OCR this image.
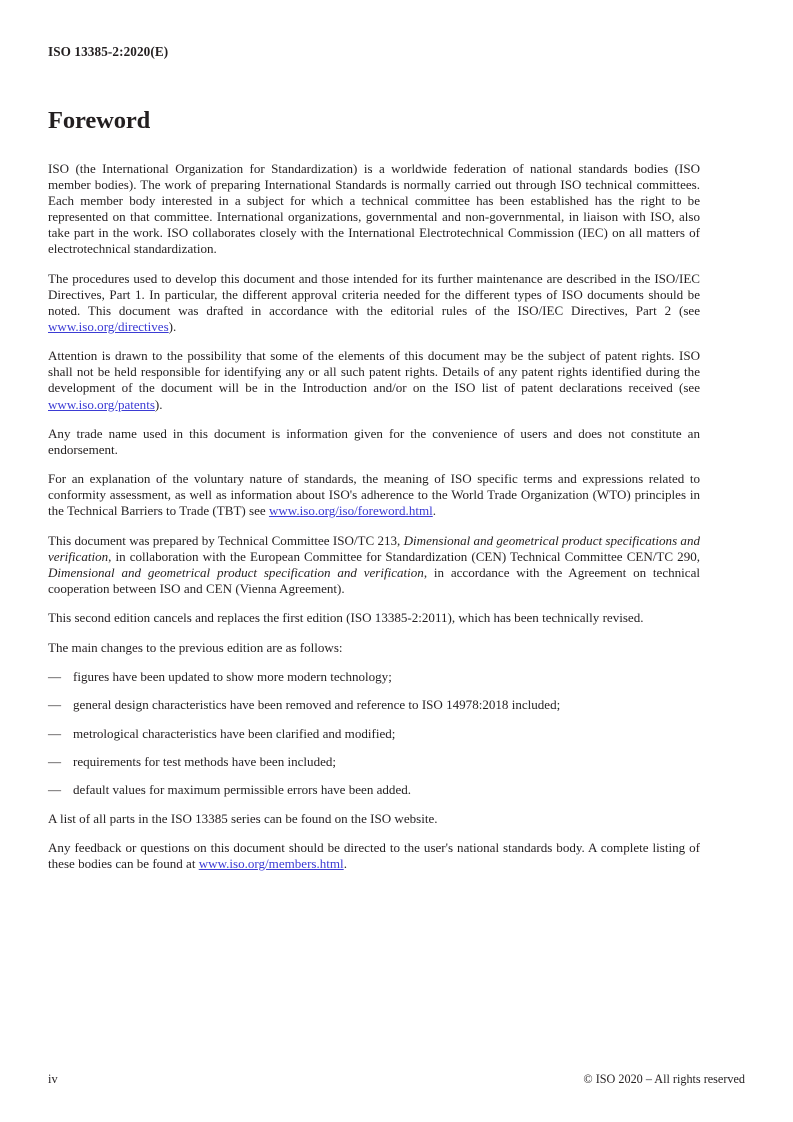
ISO 13385-2:2020(E)
Foreword

ISO (the International Organization for Standardization) is a worldwide federation of national standards bodies (ISO member bodies). The work of preparing International Standards is normally carried out through ISO technical committees. Each member body interested in a subject for which a technical committee has been established has the right to be represented on that committee. International organizations, governmental and non-governmental, in liaison with ISO, also take part in the work. ISO collaborates closely with the International Electrotechnical Commission (IEC) on all matters of electrotechnical standardization.

The procedures used to develop this document and those intended for its further maintenance are described in the ISO/IEC Directives, Part 1. In particular, the different approval criteria needed for the different types of ISO documents should be noted. This document was drafted in accordance with the editorial rules of the ISO/IEC Directives, Part 2 (see www.iso.org/directives).

Attention is drawn to the possibility that some of the elements of this document may be the subject of patent rights. ISO shall not be held responsible for identifying any or all such patent rights. Details of any patent rights identified during the development of the document will be in the Introduction and/or on the ISO list of patent declarations received (see www.iso.org/patents).

Any trade name used in this document is information given for the convenience of users and does not constitute an endorsement.

For an explanation of the voluntary nature of standards, the meaning of ISO specific terms and expressions related to conformity assessment, as well as information about ISO's adherence to the World Trade Organization (WTO) principles in the Technical Barriers to Trade (TBT) see www.iso.org/iso/foreword.html.

This document was prepared by Technical Committee ISO/TC 213, Dimensional and geometrical product specifications and verification, in collaboration with the European Committee for Standardization (CEN) Technical Committee CEN/TC 290, Dimensional and geometrical product specification and verification, in accordance with the Agreement on technical cooperation between ISO and CEN (Vienna Agreement).

This second edition cancels and replaces the first edition (ISO 13385-2:2011), which has been technically revised.

The main changes to the previous edition are as follows:

— figures have been updated to show more modern technology;
— general design characteristics have been removed and reference to ISO 14978:2018 included;
— metrological characteristics have been clarified and modified;
— requirements for test methods have been included;
— default values for maximum permissible errors have been added.

A list of all parts in the ISO 13385 series can be found on the ISO website.

Any feedback or questions on this document should be directed to the user's national standards body. A complete listing of these bodies can be found at www.iso.org/members.html.

iv	© ISO 2020 – All rights reserved
